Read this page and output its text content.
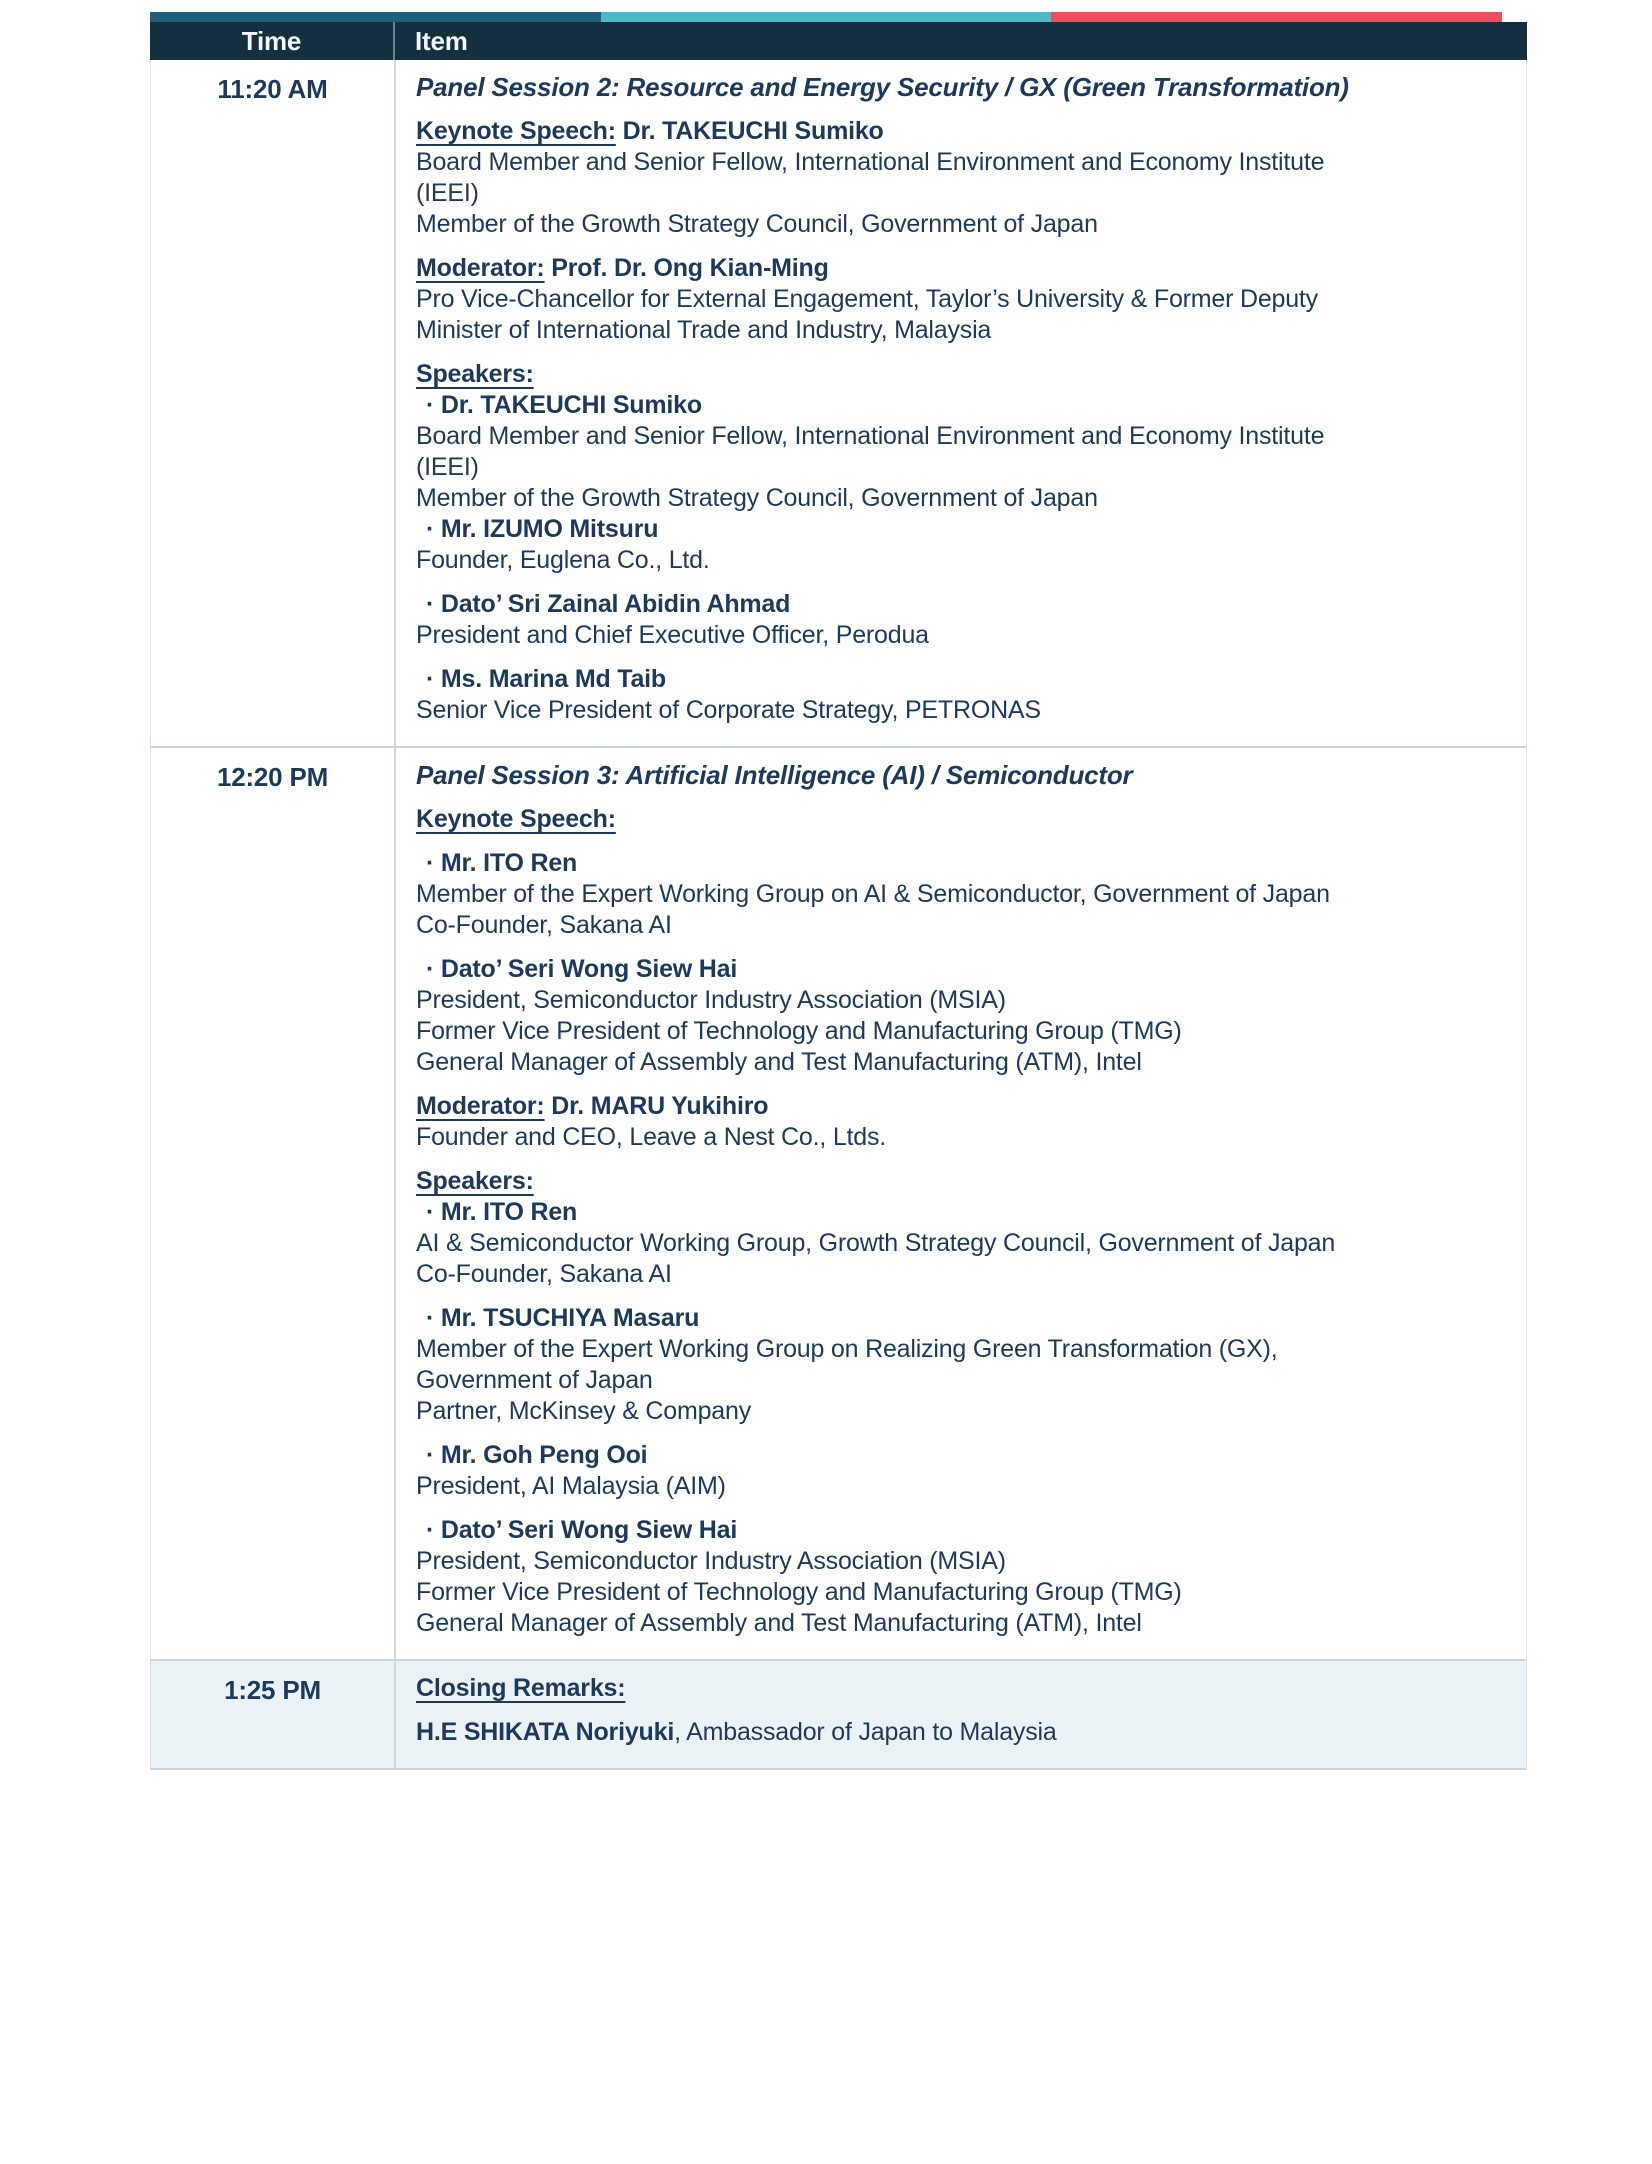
Time	Item
11:20 AM	Panel Session 2: Resource and Energy Security / GX (Green Transformation)
Keynote Speech: Dr. TAKEUCHI Sumiko
Board Member and Senior Fellow, International Environment and Economy Institute
(IEEI)
Member of the Growth Strategy Council, Government of Japan
Moderator: Prof. Dr. Ong Kian-Ming
Pro Vice-Chancellor for External Engagement, Taylor’s University & Former Deputy
Minister of International Trade and Industry, Malaysia
Speakers:
· Dr. TAKEUCHI Sumiko
Board Member and Senior Fellow, International Environment and Economy Institute
(IEEI)
Member of the Growth Strategy Council, Government of Japan
· Mr. IZUMO Mitsuru
Founder, Euglena Co., Ltd.
· Dato’ Sri Zainal Abidin Ahmad
President and Chief Executive Officer, Perodua
· Ms. Marina Md Taib
Senior Vice President of Corporate Strategy, PETRONAS
12:20 PM	Panel Session 3: Artificial Intelligence (AI) / Semiconductor
Keynote Speech:
· Mr. ITO Ren
Member of the Expert Working Group on AI & Semiconductor, Government of Japan
Co-Founder, Sakana AI
· Dato’ Seri Wong Siew Hai
President, Semiconductor Industry Association (MSIA)
Former Vice President of Technology and Manufacturing Group (TMG)
General Manager of Assembly and Test Manufacturing (ATM), Intel
Moderator: Dr. MARU Yukihiro
Founder and CEO, Leave a Nest Co., Ltds.
Speakers:
· Mr. ITO Ren
AI & Semiconductor Working Group, Growth Strategy Council, Government of Japan
Co-Founder, Sakana AI
· Mr. TSUCHIYA Masaru
Member of the Expert Working Group on Realizing Green Transformation (GX),
Government of Japan
Partner, McKinsey & Company
· Mr. Goh Peng Ooi
President, AI Malaysia (AIM)
· Dato’ Seri Wong Siew Hai
President, Semiconductor Industry Association (MSIA)
Former Vice President of Technology and Manufacturing Group (TMG)
General Manager of Assembly and Test Manufacturing (ATM), Intel
1:25 PM	Closing Remarks:
H.E SHIKATA Noriyuki, Ambassador of Japan to Malaysia
